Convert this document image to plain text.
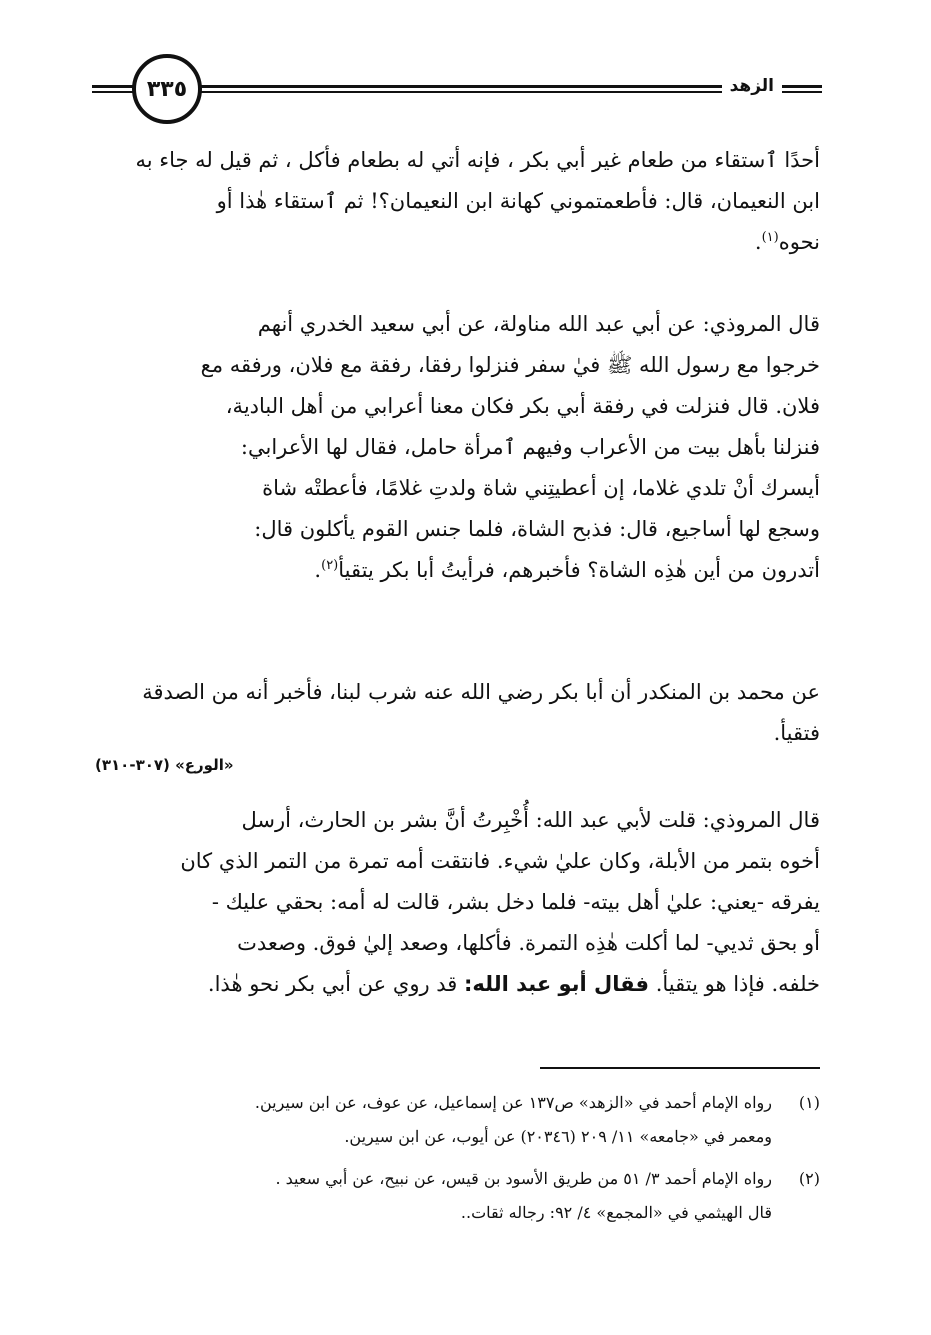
٣٣٥	الزهد
أحدًا ٱستقاء من طعام غير أبي بكر ، فإنه أتي له بطعام فأكل ، ثم قيل له جاء به
ابن النعيمان، قال: فأطعمتموني كهانة ابن النعيمان؟! ثم ٱستقاء هٰذا أو
نحوه$^{(١)}$.
قال المروذي: عن أبي عبد الله مناولة، عن أبي سعيد الخدري أنهم
خرجوا مع رسول الله ﷺ فيٰ سفر فنزلوا رفقا، رفقة مع فلان، ورفقه مع
فلان. قال فنزلت في رفقة أبي بكر فكان معنا أعرابي من أهل البادية،
فنزلنا بأهل بيت من الأعراب وفيهم ٱمرأة حامل، فقال لها الأعرابي:
أيسرك أنْ تلدي غلاما، إن أعطيتِني شاة ولدتِ غلامًا، فأعطتْه شاة
وسجع لها أساجيع، قال: فذبح الشاة، فلما جنس القوم يأكلون قال:
أتدرون من أين هٰذِه الشاة؟ فأخبرهم، فرأيتُ أبا بكر يتقيأ$^{(٢)}$.
عن محمد بن المنكدر أن أبا بكر رضي الله عنه شرب لبنا، فأخبر أنه من الصدقة
فتقيأ.
«الورع» (٣٠٧-٣١٠)
قال المروذي: قلت لأبي عبد الله: أُخْبِرتُ أنَّ بشر بن الحارث، أرسل
أخوه بتمر من الأبلة، وكان عليٰ شيء. فانتقت أمه تمرة من التمر الذي كان
يفرقه -يعني: عليٰ أهل بيته- فلما دخل بشر، قالت له أمه: بحقي عليك -
أو بحق ثديي- لما أكلت هٰذِه التمرة. فأكلها، وصعد إليٰ فوق. وصعدت
خلفه. فإذا هو يتقيأ. فقال أبو عبد الله: قد روي عن أبي بكر نحو هٰذا.
(١)رواه الإمام أحمد في «الزهد» ص١٣٧ عن إسماعيل، عن عوف، عن ابن سيرين.
ومعمر في «جامعه» ١١/ ٢٠٩ (٢٠٣٤٦) عن أيوب، عن ابن سيرين.
(٢)رواه الإمام أحمد ٣/ ٥١ من طريق الأسود بن قيس، عن نبيح، عن أبي سعيد .
قال الهيثمي في «المجمع» ٤/ ٩٢: رجاله ثقات..
